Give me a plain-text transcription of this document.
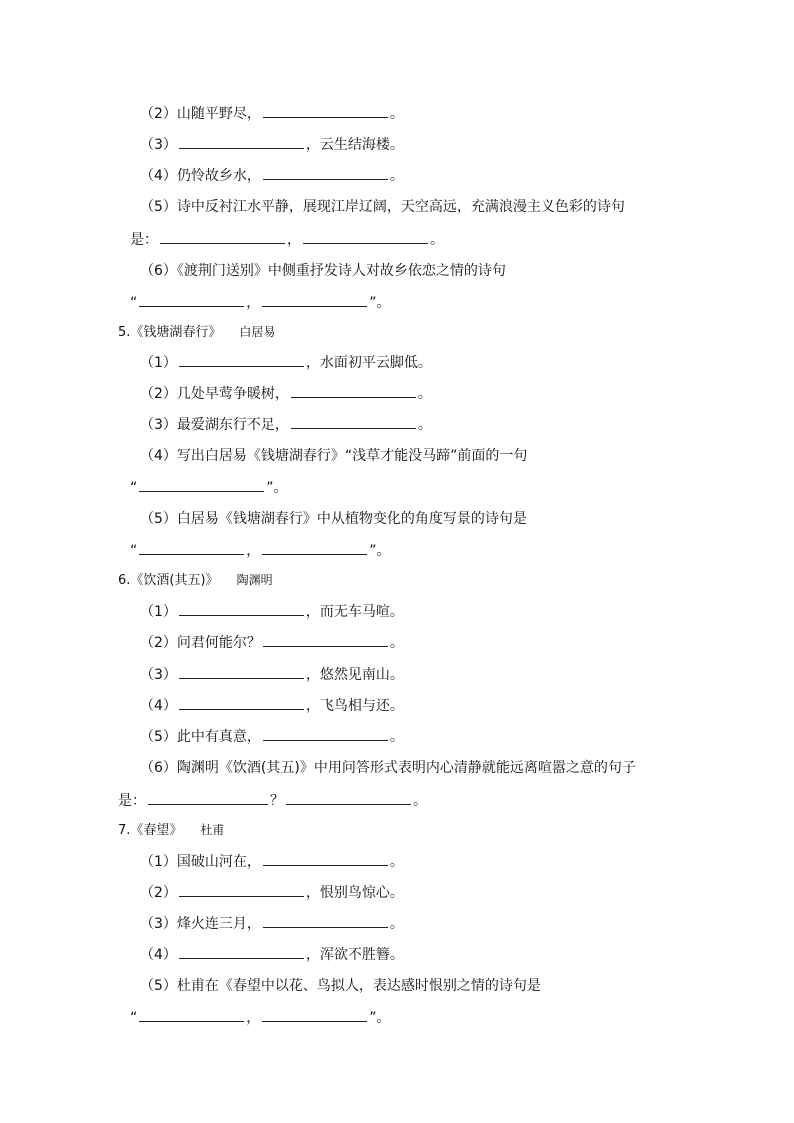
（2）山随平野尽，	。
（3）	，云生结海楼。
（4）仍怜故乡水，	。
（5）诗中反衬江水平静，展现江岸辽阔，天空高远，充满浪漫主义色彩的诗句
是：	，	。
（6）《渡荆门送别》中侧重抒发诗人对故乡依恋之情的诗句
“	，	”。
5.《钱塘湖春行》 白居易
（1）	，水面初平云脚低。
（2）几处早莺争暖树，	。
（3）最爱湖东行不足，	。
（4）写出白居易《钱塘湖春行》“浅草才能没马蹄”前面的一句
“	”。
（5）白居易《钱塘湖春行》中从植物变化的角度写景的诗句是
“	，	”。
6.《饮酒(其五)》 陶渊明
（1）	，而无车马喧。
（2）问君何能尔？	。
（3）	，悠然见南山。
（4）	，飞鸟相与还。
（5）此中有真意，	。
（6）陶渊明《饮酒(其五)》中用问答形式表明内心清静就能远离喧嚣之意的句子
是：	？	。
7.《春望》 杜甫
（1）国破山河在，	。
（2）	，恨别鸟惊心。
（3）烽火连三月，	。
（4）	，浑欲不胜簪。
（5）杜甫在《春望中以花、鸟拟人，表达感时恨别之情的诗句是
“	，	”。
